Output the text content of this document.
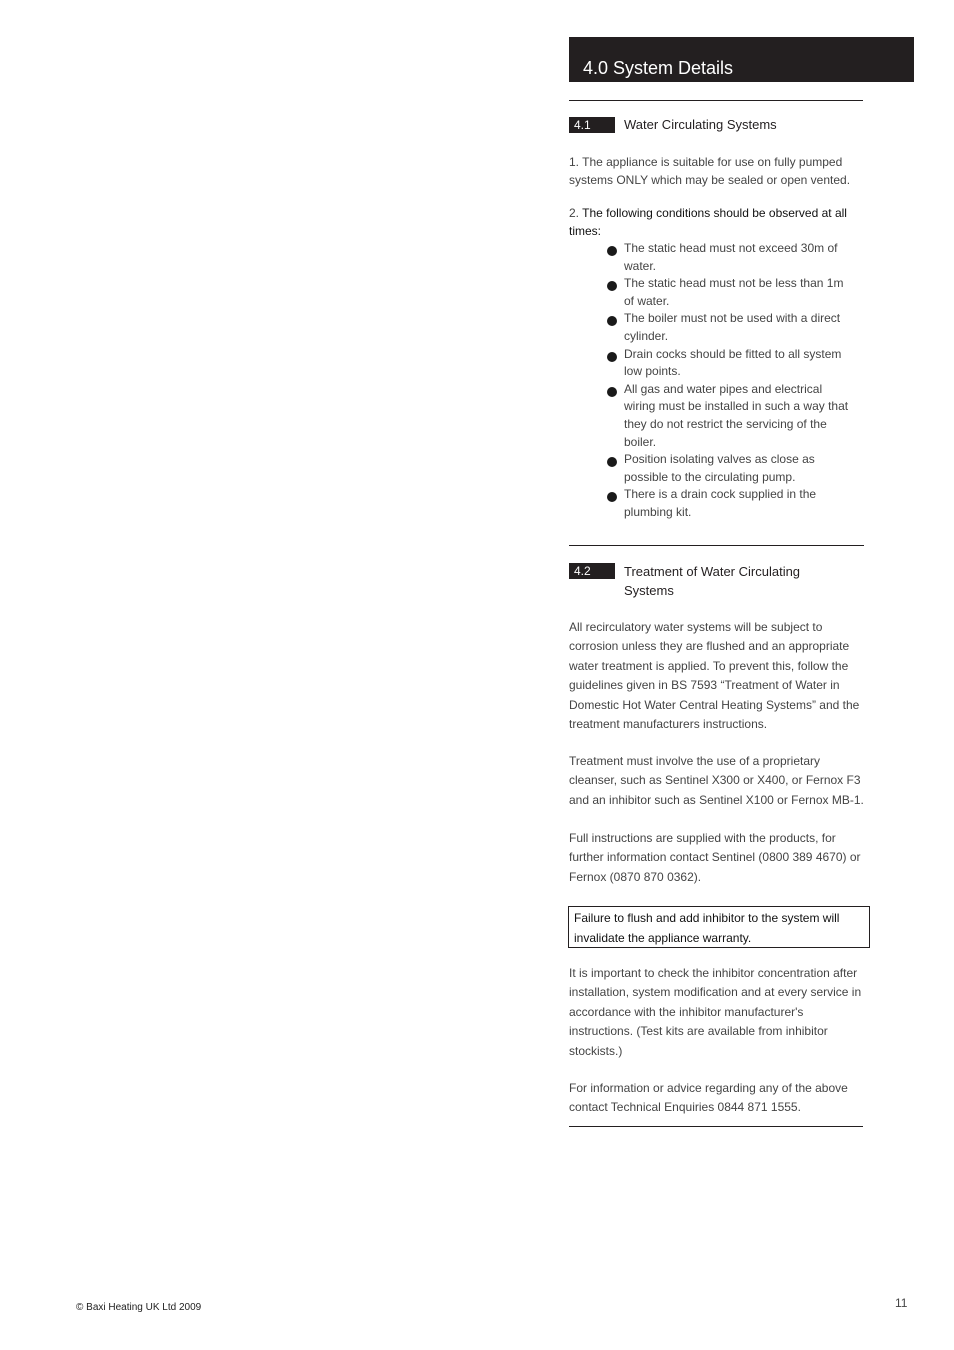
4.0 System Details
4.1	Water Circulating Systems

1. The appliance is suitable for use on fully pumped systems ONLY which may be sealed or open vented.

2. The following conditions should be observed at all times:

The static head must not exceed 30m of water.
The static head must not be less than 1m of water.
The boiler must not be used with a direct cylinder.
Drain cocks should be fitted to all system low points.
All gas and water pipes and electrical wiring must be installed in such a way that they do not restrict the servicing of the boiler.
Position isolating valves as close as possible to the circulating pump.
There is a drain cock supplied in the plumbing kit.
4.2	Treatment of Water Circulating Systems

All recirculatory water systems will be subject to corrosion unless they are flushed and an appropriate water treatment is applied. To prevent this, follow the guidelines given in BS 7593 “Treatment of Water in Domestic Hot Water Central Heating Systems” and the treatment manufacturers instructions.

Treatment must involve the use of a proprietary cleanser, such as Sentinel X300 or X400, or Fernox F3 and an inhibitor such as Sentinel X100 or Fernox MB-1.

Full instructions are supplied with the products, for further information contact Sentinel (0800 389 4670) or Fernox (0870 870 0362).

Failure to flush and add inhibitor to the system will invalidate the appliance warranty.

It is important to check the inhibitor concentration after installation, system modification and at every service in accordance with the inhibitor manufacturer's instructions. (Test kits are available from inhibitor stockists.)

For information or advice regarding any of the above contact Technical Enquiries 0844 871 1555.

© Baxi Heating UK Ltd 2009	11
